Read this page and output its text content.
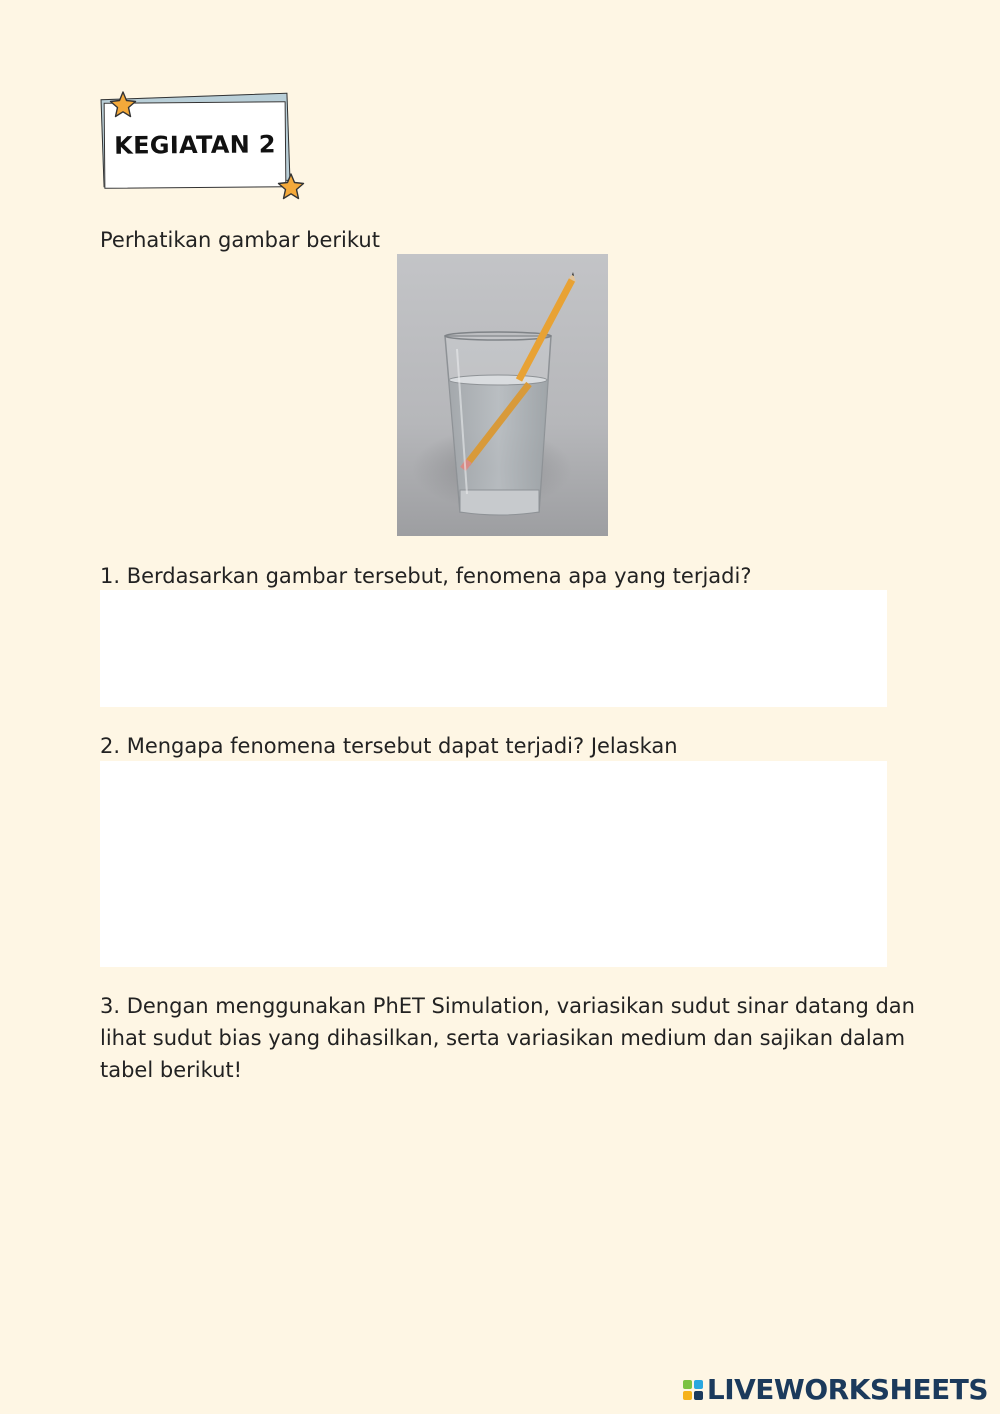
KEGIATAN 2
Perhatikan gambar berikut
1. Berdasarkan gambar tersebut, fenomena apa yang terjadi?
2. Mengapa fenomena tersebut dapat terjadi? Jelaskan
3. Dengan menggunakan PhET Simulation, variasikan sudut sinar datang dan lihat sudut bias yang dihasilkan, serta variasikan medium dan sajikan dalam tabel berikut!
LIVEWORKSHEETS
